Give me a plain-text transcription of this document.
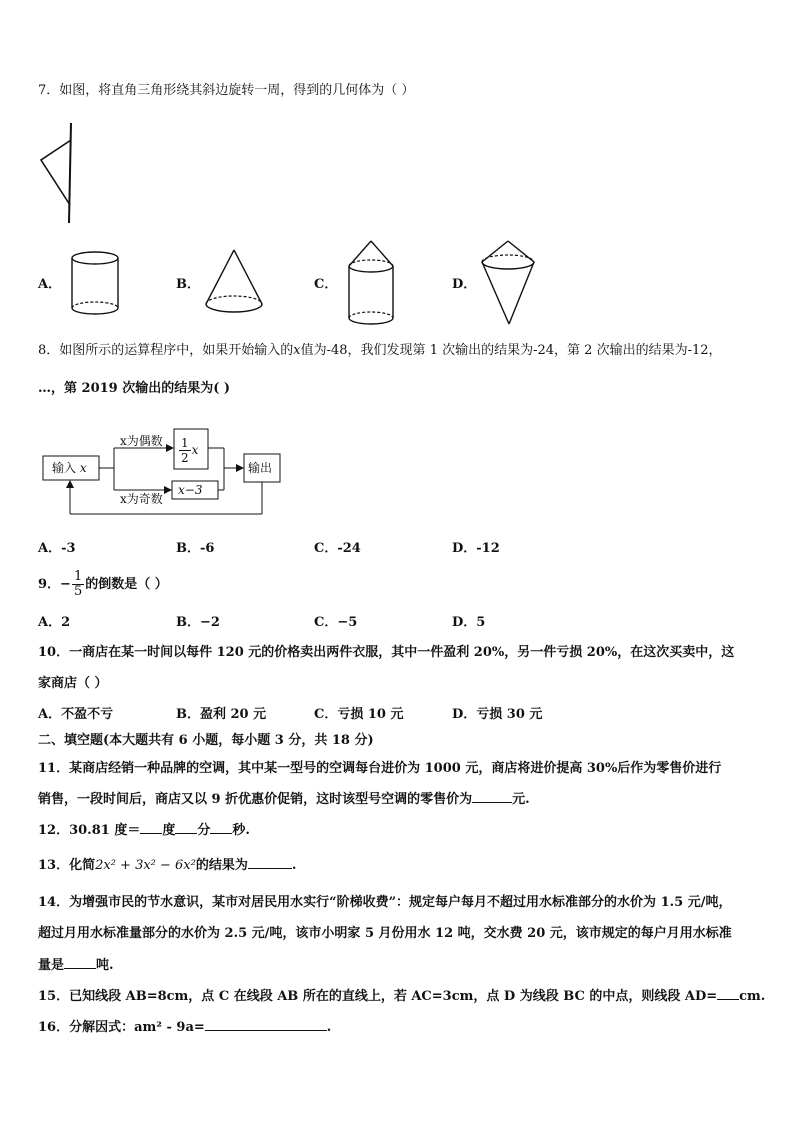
7．如图，将直角三角形绕其斜边旋转一周，得到的几何体为（ ）
A．	B．	C．	D．
8．如图所示的运算程序中，如果开始输入的x值为-48，我们发现第 1 次输出的结果为-24，第 2 次输出的结果为-12，
…，第 2019 次输出的结果为( )
输入 x
x为偶数
x为奇数
$\frac{1}{2}$ x
x−3
输出
A．-3	B．-6	C．-24	D．-12
9．− $\frac{1}{5}$ 的倒数是（ ）
A．2	B．−2	C．−5	D．5
10．一商店在某一时间以每件 120 元的价格卖出两件衣服，其中一件盈利 20%，另一件亏损 20%，在这次买卖中，这
家商店（ ）
A．不盈不亏	B．盈利 20 元	C．亏损 10 元	D．亏损 30 元
二、填空题(本大题共有 6 小题，每小题 3 分，共 18 分)
11．某商店经销一种品牌的空调，其中某一型号的空调每台进价为 1000 元，商店将进价提高 30%后作为零售价进行
销售，一段时间后，商店又以 9 折优惠价促销，这时该型号空调的零售价为	元.
12．30.81 度＝ 度 分 秒.
13．化简2x² + 3x² − 6x²的结果为	.
14．为增强市民的节水意识，某市对居民用水实行“阶梯收费”：规定每户每月不超过用水标准部分的水价为 1.5 元/吨，
超过月用水标准量部分的水价为 2.5 元/吨，该市小明家 5 月份用水 12 吨，交水费 20 元，该市规定的每户月用水标准
量是 吨.
15．已知线段 AB=8cm，点 C 在线段 AB 所在的直线上，若 AC=3cm，点 D 为线段 BC 的中点，则线段 AD= cm.
16．分解因式：am² - 9a=	.
